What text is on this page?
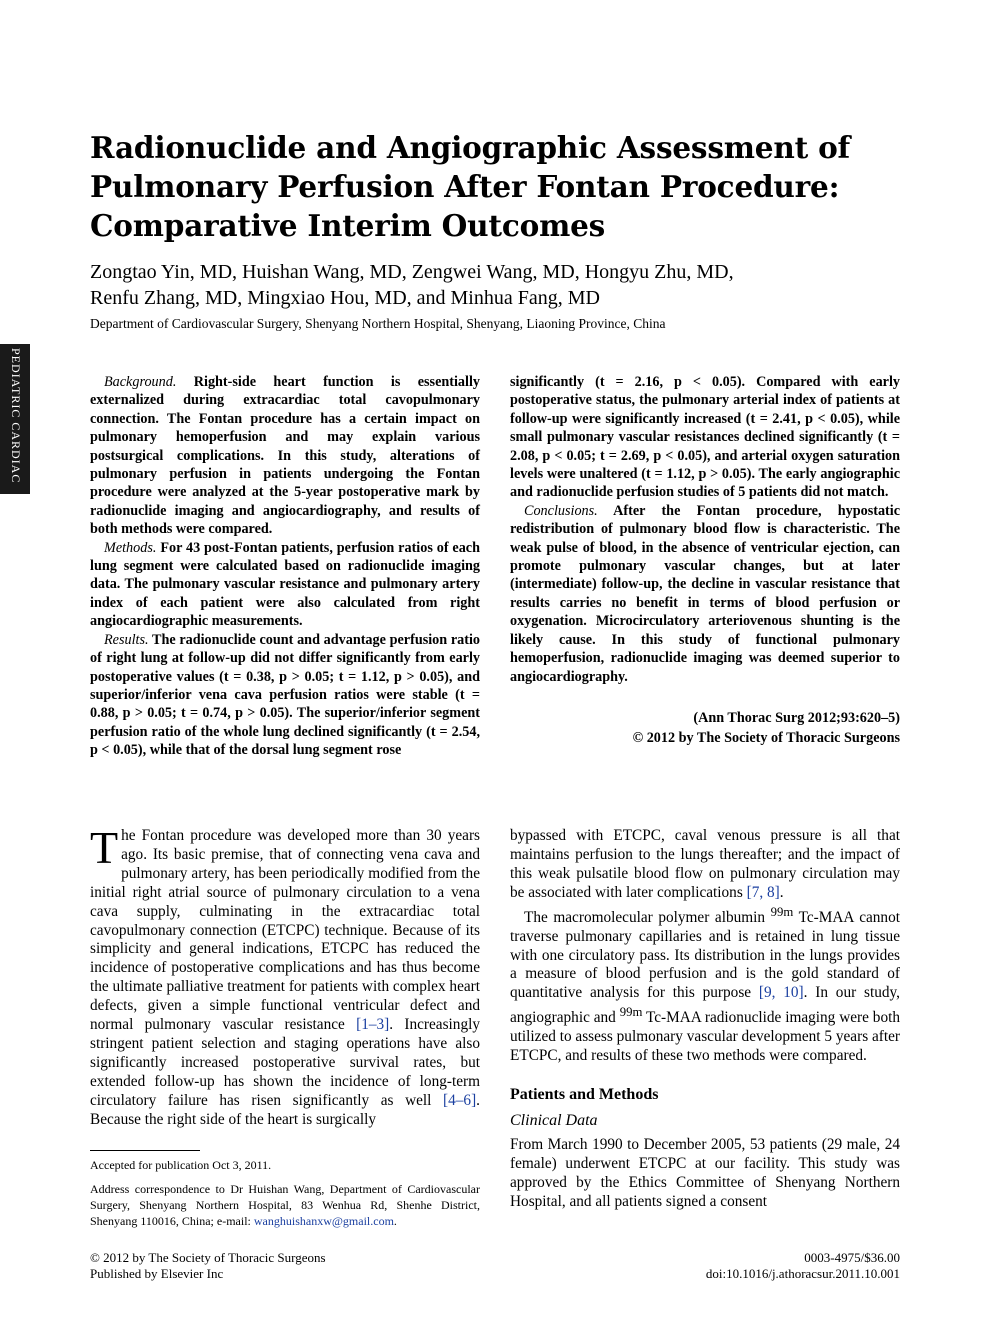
Radionuclide and Angiographic Assessment of Pulmonary Perfusion After Fontan Procedure: Comparative Interim Outcomes
Zongtao Yin, MD, Huishan Wang, MD, Zengwei Wang, MD, Hongyu Zhu, MD,
Renfu Zhang, MD, Mingxiao Hou, MD, and Minhua Fang, MD
Department of Cardiovascular Surgery, Shenyang Northern Hospital, Shenyang, Liaoning Province, China
PEDIATRIC CARDIAC	Background. Right-side heart function is essentially externalized during extracardiac total cavopulmonary connection. The Fontan procedure has a certain impact on pulmonary hemoperfusion and may explain various postsurgical complications. In this study, alterations of pulmonary perfusion in patients undergoing the Fontan procedure were analyzed at the 5-year postoperative mark by radionuclide imaging and angiocardiography, and results of both methods were compared.

Methods. For 43 post-Fontan patients, perfusion ratios of each lung segment were calculated based on radionuclide imaging data. The pulmonary vascular resistance and pulmonary artery index of each patient were also calculated from right angiocardiographic measurements.

Results. The radionuclide count and advantage perfusion ratio of right lung at follow-up did not differ significantly from early postoperative values (t = 0.38, p > 0.05; t = 1.12, p > 0.05), and superior/inferior vena cava perfusion ratios were stable (t = 0.88, p > 0.05; t = 0.74, p > 0.05). The superior/inferior segment perfusion ratio of the whole lung declined significantly (t = 2.54, p < 0.05), while that of the dorsal lung segment rose

significantly (t = 2.16, p < 0.05). Compared with early postoperative status, the pulmonary arterial index of patients at follow-up were significantly increased (t = 2.41, p < 0.05), while small pulmonary vascular resistances declined significantly (t = 2.08, p < 0.05; t = 2.69, p < 0.05), and arterial oxygen saturation levels were unaltered (t = 1.12, p > 0.05). The early angiographic and radionuclide perfusion studies of 5 patients did not match.

Conclusions. After the Fontan procedure, hypostatic redistribution of pulmonary blood flow is characteristic. The weak pulse of blood, in the absence of ventricular ejection, can promote pulmonary vascular changes, but at later (intermediate) follow-up, the decline in vascular resistance that results carries no benefit in terms of blood perfusion or oxygenation. Microcirculatory arteriovenous shunting is the likely cause. In this study of functional pulmonary hemoperfusion, radionuclide imaging was deemed superior to angiocardiography.

(Ann Thorac Surg 2012;93:620–5)
© 2012 by The Society of Thoracic Surgeons

The Fontan procedure was developed more than 30 years ago. Its basic premise, that of connecting vena cava and pulmonary artery, has been periodically modified from the initial right atrial source of pulmonary circulation to a vena cava supply, culminating in the extracardiac total cavopulmonary connection (ETCPC) technique. Because of its simplicity and general indications, ETCPC has reduced the incidence of postoperative complications and has thus become the ultimate palliative treatment for patients with complex heart defects, given a simple functional ventricular defect and normal pulmonary vascular resistance [1–3]. Increasingly stringent patient selection and staging operations have also significantly increased postoperative survival rates, but extended follow-up has shown the incidence of long-term circulatory failure has risen significantly as well [4–6]. Because the right side of the heart is surgically

bypassed with ETCPC, caval venous pressure is all that maintains perfusion to the lungs thereafter; and the impact of this weak pulsatile blood flow on pulmonary circulation may be associated with later complications [7, 8].

The macromolecular polymer albumin $^{99m}$ Tc-MAA cannot traverse pulmonary capillaries and is retained in lung tissue with one circulatory pass. Its distribution in the lungs provides a measure of blood perfusion and is the gold standard of quantitative analysis for this purpose [9, 10]. In our study, angiographic and $^{99m}$ Tc-MAA radionuclide imaging were both utilized to assess pulmonary vascular development 5 years after ETCPC, and results of these two methods were compared.

Patients and Methods
Clinical Data

From March 1990 to December 2005, 53 patients (29 male, 24 female) underwent ETCPC at our facility. This study was approved by the Ethics Committee of Shenyang Northern Hospital, and all patients signed a consent

Accepted for publication Oct 3, 2011.

Address correspondence to Dr Huishan Wang, Department of Cardiovascular Surgery, Shenyang Northern Hospital, 83 Wenhua Rd, Shenhe District, Shenyang 110016, China; e-mail: wanghuishanxw@gmail.com.

© 2012 by The Society of Thoracic Surgeons
Published by Elsevier Inc
0003-4975/$36.00
doi:10.1016/j.athoracsur.2011.10.001
